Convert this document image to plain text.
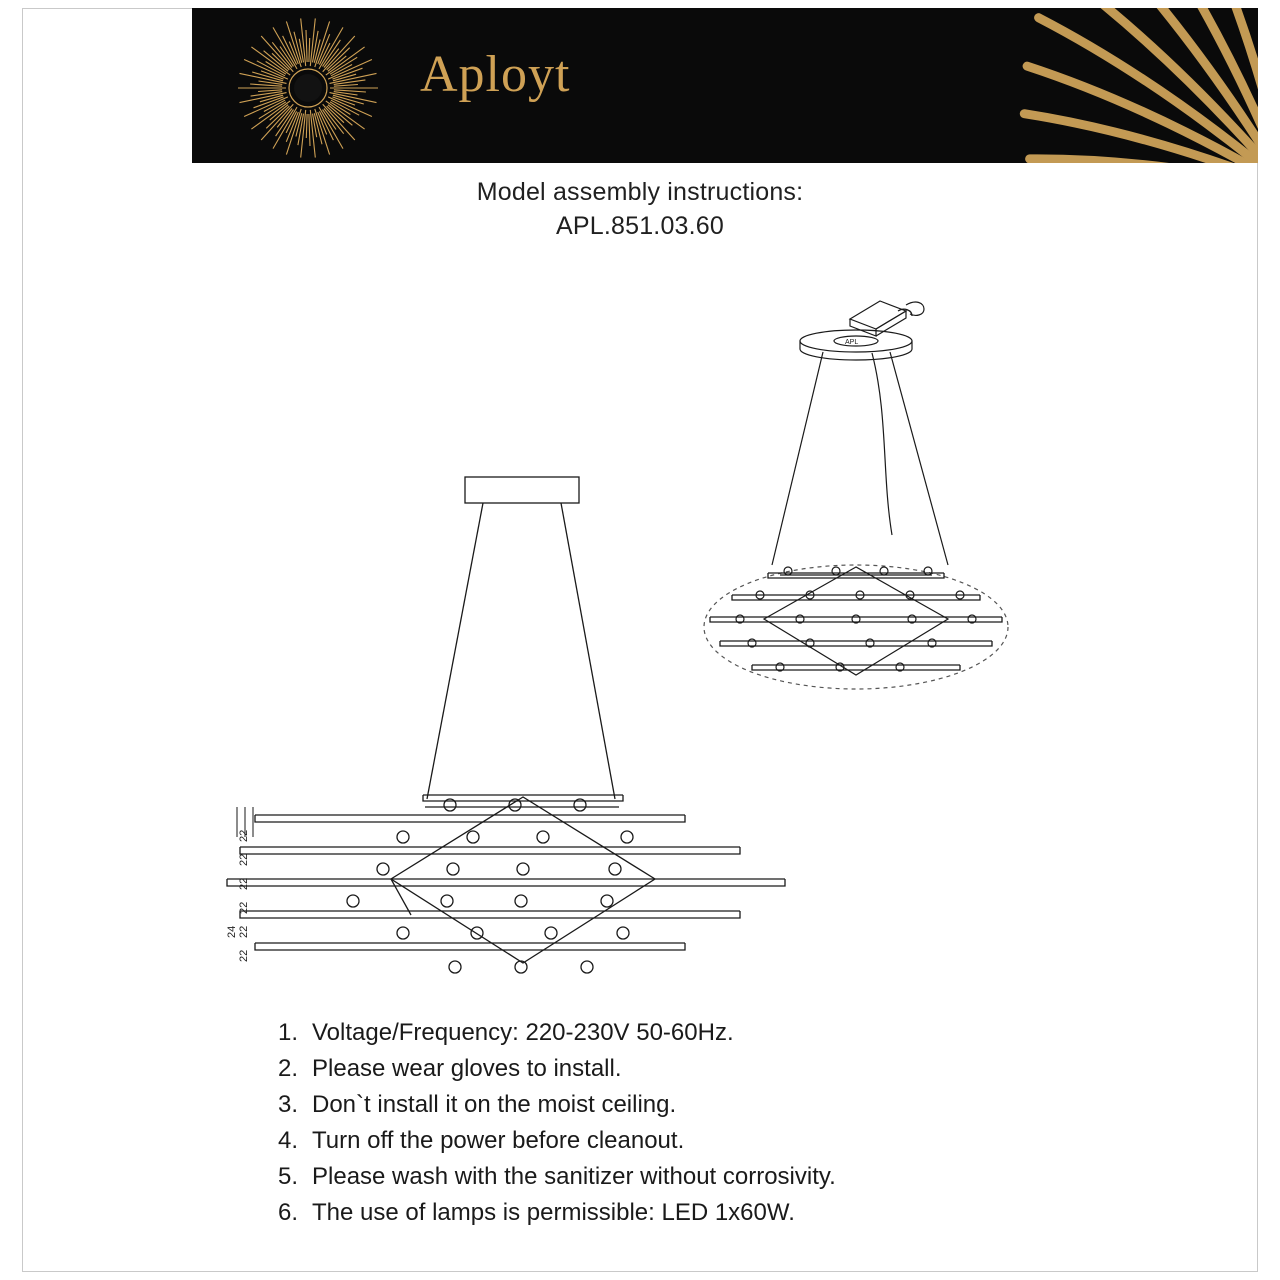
Aployt
Model assembly instructions:
APL.851.03.60
APL
22
22
22
22
22
22
24
1. Voltage/Frequency: 220-230V 50-60Hz.
2. Please wear gloves to install.
3. Don`t install it on the moist ceiling.
4. Turn off the power before cleanout.
5. Please wash with the sanitizer without corrosivity.
6. The use of lamps is permissible: LED 1x60W.
